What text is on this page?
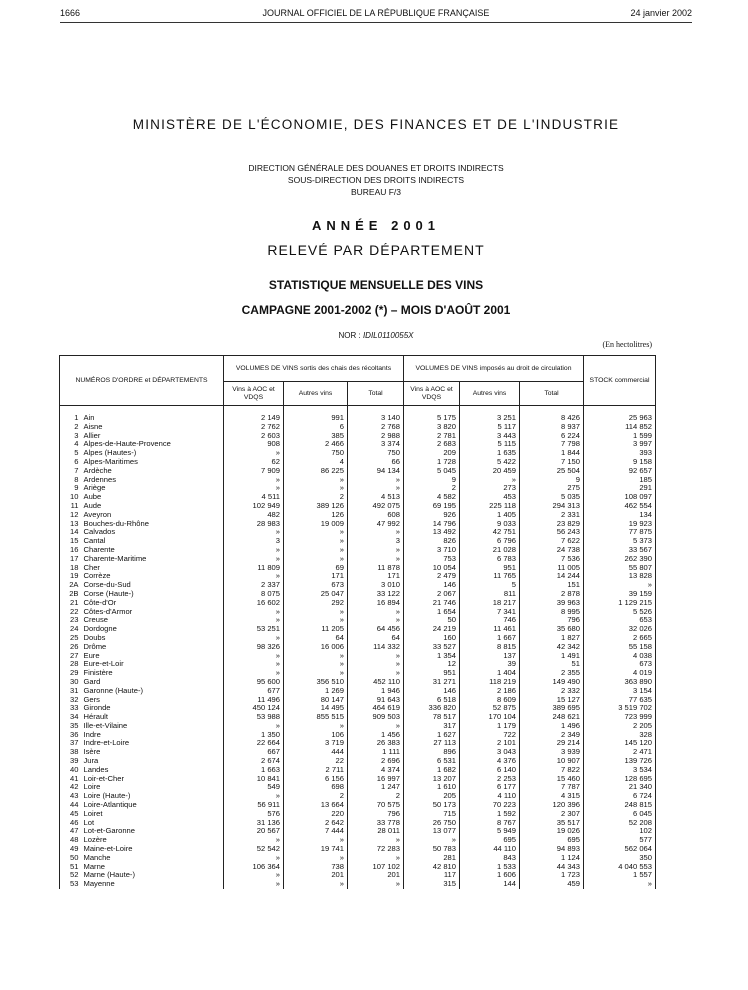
1666	JOURNAL OFFICIEL DE LA RÉPUBLIQUE FRANÇAISE	24 janvier 2002
MINISTÈRE DE L'ÉCONOMIE, DES FINANCES ET DE L'INDUSTRIE
DIRECTION GÉNÉRALE DES DOUANES ET DROITS INDIRECTS
SOUS-DIRECTION DES DROITS INDIRECTS
BUREAU F/3
ANNÉE 2001
RELEVÉ PAR DÉPARTEMENT
STATISTIQUE MENSUELLE DES VINS
CAMPAGNE 2001-2002 (*) – MOIS D'AOÛT 2001
NOR : IDIL0110055X
(En hectolitres)
NUMÉROS D'ORDRE et DÉPARTEMENTS		VOLUMES DE VINS sortis des chais des récoltants			VOLUMES DE VINS imposés au droit de circulation			STOCK commercial
		Vins à AOC et VDQS	Autres vins	Total	Vins à AOC et VDQS	Autres vins	Total	
1	Ain	2 149	991	3 140	5 175	3 251	8 426	25 963
2	Aisne	2 762	6	2 768	3 820	5 117	8 937	114 852
3	Allier	2 603	385	2 988	2 781	3 443	6 224	1 599
4	Alpes-de-Haute-Provence	908	2 466	3 374	2 683	5 115	7 798	3 997
5	Alpes (Hautes-)	»	750	750	209	1 635	1 844	393
6	Alpes-Maritimes	62	4	66	1 728	5 422	7 150	9 158
7	Ardèche	7 909	86 225	94 134	5 045	20 459	25 504	92 657
8	Ardennes	»	»	»	9	»	9	185
9	Ariège	»	»	»	2	273	275	291
10	Aube	4 511	2	4 513	4 582	453	5 035	108 097
11	Aude	102 949	389 126	492 075	69 195	225 118	294 313	462 554
12	Aveyron	482	126	608	926	1 405	2 331	134
13	Bouches-du-Rhône	28 983	19 009	47 992	14 796	9 033	23 829	19 923
14	Calvados	»	»	»	13 492	42 751	56 243	77 875
15	Cantal	3	»	3	826	6 796	7 622	5 373
16	Charente	»	»	»	3 710	21 028	24 738	33 567
17	Charente-Maritime	»	»	»	753	6 783	7 536	262 390
18	Cher	11 809	69	11 878	10 054	951	11 005	55 807
19	Corrèze	»	171	171	2 479	11 765	14 244	13 828
2A	Corse-du-Sud	2 337	673	3 010	146	5	151	»
2B	Corse (Haute-)	8 075	25 047	33 122	2 067	811	2 878	39 159
21	Côte-d'Or	16 602	292	16 894	21 746	18 217	39 963	1 129 215
22	Côtes-d'Armor	»	»	»	1 654	7 341	8 995	5 526
23	Creuse	»	»	»	50	746	796	653
24	Dordogne	53 251	11 205	64 456	24 219	11 461	35 680	32 026
25	Doubs	»	64	64	160	1 667	1 827	2 665
26	Drôme	98 326	16 006	114 332	33 527	8 815	42 342	55 158
27	Eure	»	»	»	1 354	137	1 491	4 038
28	Eure-et-Loir	»	»	»	12	39	51	673
29	Finistère	»	»	»	951	1 404	2 355	4 019
30	Gard	95 600	356 510	452 110	31 271	118 219	149 490	363 890
31	Garonne (Haute-)	677	1 269	1 946	146	2 186	2 332	3 154
32	Gers	11 496	80 147	91 643	6 518	8 609	15 127	77 635
33	Gironde	450 124	14 495	464 619	336 820	52 875	389 695	3 519 702
34	Hérault	53 988	855 515	909 503	78 517	170 104	248 621	723 999
35	Ille-et-Vilaine	»	»	»	317	1 179	1 496	2 205
36	Indre	1 350	106	1 456	1 627	722	2 349	328
37	Indre-et-Loire	22 664	3 719	26 383	27 113	2 101	29 214	145 120
38	Isère	667	444	1 111	896	3 043	3 939	2 471
39	Jura	2 674	22	2 696	6 531	4 376	10 907	139 726
40	Landes	1 663	2 711	4 374	1 682	6 140	7 822	3 534
41	Loir-et-Cher	10 841	6 156	16 997	13 207	2 253	15 460	128 695
42	Loire	549	698	1 247	1 610	6 177	7 787	21 340
43	Loire (Haute-)	»	2	2	205	4 110	4 315	6 724
44	Loire-Atlantique	56 911	13 664	70 575	50 173	70 223	120 396	248 815
45	Loiret	576	220	796	715	1 592	2 307	6 045
46	Lot	31 136	2 642	33 778	26 750	8 767	35 517	52 208
47	Lot-et-Garonne	20 567	7 444	28 011	13 077	5 949	19 026	102
48	Lozère	»	»	»	»	695	695	577
49	Maine-et-Loire	52 542	19 741	72 283	50 783	44 110	94 893	562 064
50	Manche	»	»	»	281	843	1 124	350
51	Marne	106 364	738	107 102	42 810	1 533	44 343	4 040 553
52	Marne (Haute-)	»	201	201	117	1 606	1 723	1 557
53	Mayenne	»	»	»	315	144	459	»
